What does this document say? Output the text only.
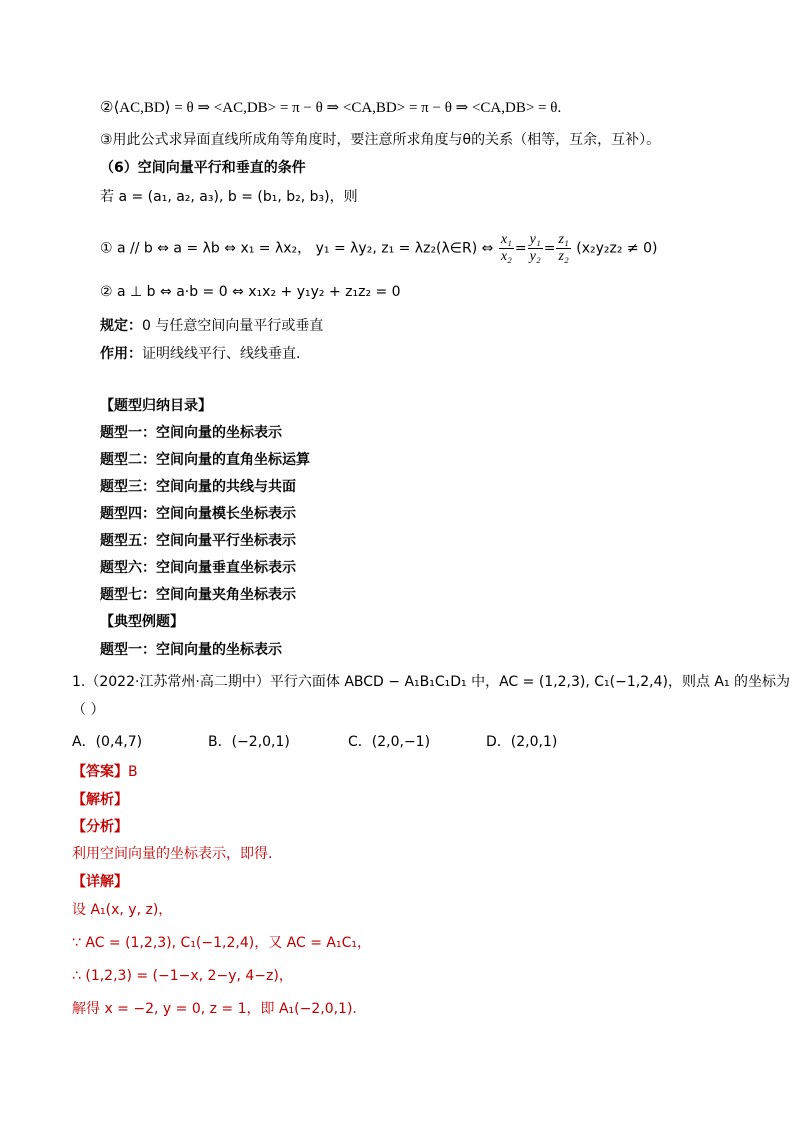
②⟨AC,BD⟩ = θ ⇒ <AC,DB> = π − θ ⇒ <CA,BD> = π − θ ⇒ <CA,DB> = θ.
③用此公式求异面直线所成角等角度时，要注意所求角度与θ的关系（相等，互余，互补）。
（6）空间向量平行和垂直的条件
若 a = (a₁, a₂, a₃), b = (b₁, b₂, b₃)，则
① a // b ⇔ a = λb ⇔ x₁ = λx₂， y₁ = λy₂, z₁ = λz₂(λ∈R) ⇔ $\frac{\text{x₁}}{\text{x₂}} = \frac{\text{y₁}}{\text{y₂}} = \frac{\text{z₁}}{\text{z₂}} (x_2y_2z_2 \ne 0)$
② a ⊥ b ⇔ a·b = 0 ⇔ x₁x₂ + y₁y₂ + z₁z₂ = 0
规定：0 与任意空间向量平行或垂直
作用：证明线线平行、线线垂直.
【题型归纳目录】
题型一：空间向量的坐标表示
题型二：空间向量的直角坐标运算
题型三：空间向量的共线与共面
题型四：空间向量模长坐标表示
题型五：空间向量平行坐标表示
题型六：空间向量垂直坐标表示
题型七：空间向量夹角坐标表示
【典型例题】
题型一：空间向量的坐标表示
1.（2022·江苏常州·高二期中）平行六面体 ABCD − A₁B₁C₁D₁ 中，AC = (1,2,3), C₁(−1,2,4)，则点 A₁ 的坐标为
（ ）
A．(0,4,7)	B．(−2,0,1)	C．(2,0,−1)	D．(2,0,1)
【答案】B
【解析】
【分析】
利用空间向量的坐标表示，即得.
【详解】
设 A₁(x, y, z)，
∵ AC = (1,2,3), C₁(−1,2,4)，又 AC = A₁C₁，
∴ (1,2,3) = (−1−x, 2−y, 4−z)，
解得 x = −2, y = 0, z = 1，即 A₁(−2,0,1).
